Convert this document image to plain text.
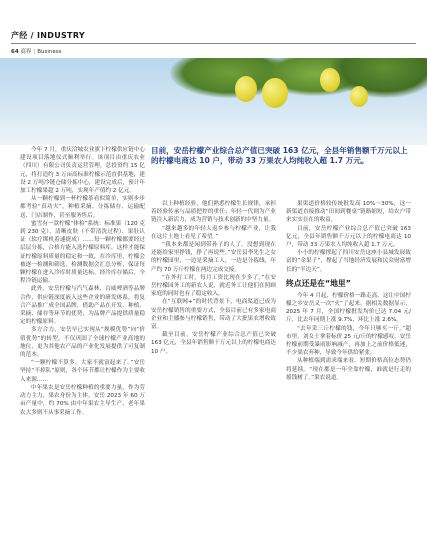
产经 / INDUSTRY
64 商界 | Business

今年 7 月，重庆洽城农业旗下柠檬供应链中心建设项目落地仪式顺利举行。该项目由重庆农业（四川）有限公司负责运营管理，总投资约 15 亿元，将打造约 3 万亩高标准柠檬示范直供基地，建设 2 万吨冷链仓储分拣中心，建设完成后，预计年加工柠檬果超 2 万吨，实现年产值约 2 亿元。

从一颗柠檬到一杯柠檬茶看似简单，实则步步都考验“真功夫”，种植采摘、分拣储存、运输配送、门店制作，甚至服务售后。

蜜雪有一款柠檬“体检”系统：标准果（120 克到 230 克），清晰皮肤（不带清洗过程），果肚认证（软疗绑机着速捷成）……每一颗柠檬都要经过层层分拣，合格方能入选柠檬原料库，这样才能保证柠檬原料质量的稳定和一致。在冷库里，柠檬会被逐一检测和筛选，检测数据会汇总分析，保证每颗柠檬在进入冷库时质量达标。经冷库存储后，全程冷链运输。

此外，安岳柠檬与汽气森林、百威啤酒等品牌合作，供应链深度嵌入这些企业的研发体系，将复合产品推广成全国品牌，借助产品在开发、种植、采摘、储存等环节的优势，为品牌产品提供质量稳定的柠檬原料。

多方合力，安岳早已实现从“规模优势”向“价值优势”的转型，不仅巩固了全球柠檬产业高地的地位，更为其他农产品的产业化发展提供了可复制的范本。

“一颗柠檬不算多，大家不就富起来了。”安岳坚持“不掉队”原则，各个环节都让柠檬作为主要收入来源……

中年果农是安岳柠檬种植的重要力量，作为劳动力主力，果农身份为主体。安岳 2023 年 60 万亩产量中，约 70% 由中年果农主导生产，老年果农大多则不从事采摘工作。

目前，安岳柠檬产业综合总产值已突破 163 亿元，全县年销售额千万元以上的柠檬电商达 10 户，带动 33 万果农人均纯收入超 1.7 万元。

以上种植经验，他们熟悉柠檬生长规律，承担着经验传承与品质把控的重任；年轻一代则为产业链注入新活力，成为营销与技术创新的中坚力量。

“越来越多的年轻人返乡参与柠檬产业，让我在这片土地上看见了希望。”

“我本来都是闲到带孙子的人了，没想到现在还能给家里挣钱，挣了再说些。”安岳县李先生之女的柠檬园里，一边是采摘工人，一边是分拣线，年产约 70 万斤柠檬在两边完成交接。

“在外打工时，每月工资比现在少多了。”在安岳柠檬园务工的新农人说，就近务工让他们在照顾家庭的同时也有了稳定收入。

在“互联网+”的时代背景下，电商渠道已成为安岳柠檬销售的重要方式，全县目前已有多家电商企业和主播参与柠檬销售，带动了大批果农增收致富。

截至目前，安岳柠檬产业综合总产值已突破 163 亿元，全县年销售额千万元以上的柠檬电商达 10 户。

果渠道价格较传统批发高 10%～30%，这一新渠道直接推动“田间到餐桌”链路缩短，给农户带来实实在在的收益。

目前，安岳柠檬产业综合总产值已突破 163 亿元，全县年销售额千万元以上的柠檬电商达 10 户，带动 33 万果农人均纯收入超 1.7 万元。

小小的柠檬撑起了四川安岳这座小县城发展致富的“金果子”，撑起了当地经济发展和民众财富增长的“半边天”。

终点还是在“地里”

今年 4 月起，柠檬价格一路走高，这让中国柠檬之乡安岳又一次“火”了起来。据相关数据显示，2025 年 7 月，全国柠檬批发均价已达 7.04 元/斤，比去年同期上涨 9.7%，环比上涨 2.6%。

“去年采三斤柠檬的钱，今年只够买一斤。”超市里，刘女士拿着标价 25 元/斤的柠檬感叹，安岳柠檬前期受暴雨影响减产，再加上之前价格低迷，不少果农弃种，导致今年供给紧张。

从种植端到需求端来看，短期价格高位态势仍将延续。“现在都是一年全靠柠檬，谁就是行走的摇钱树了。”果农说道。
